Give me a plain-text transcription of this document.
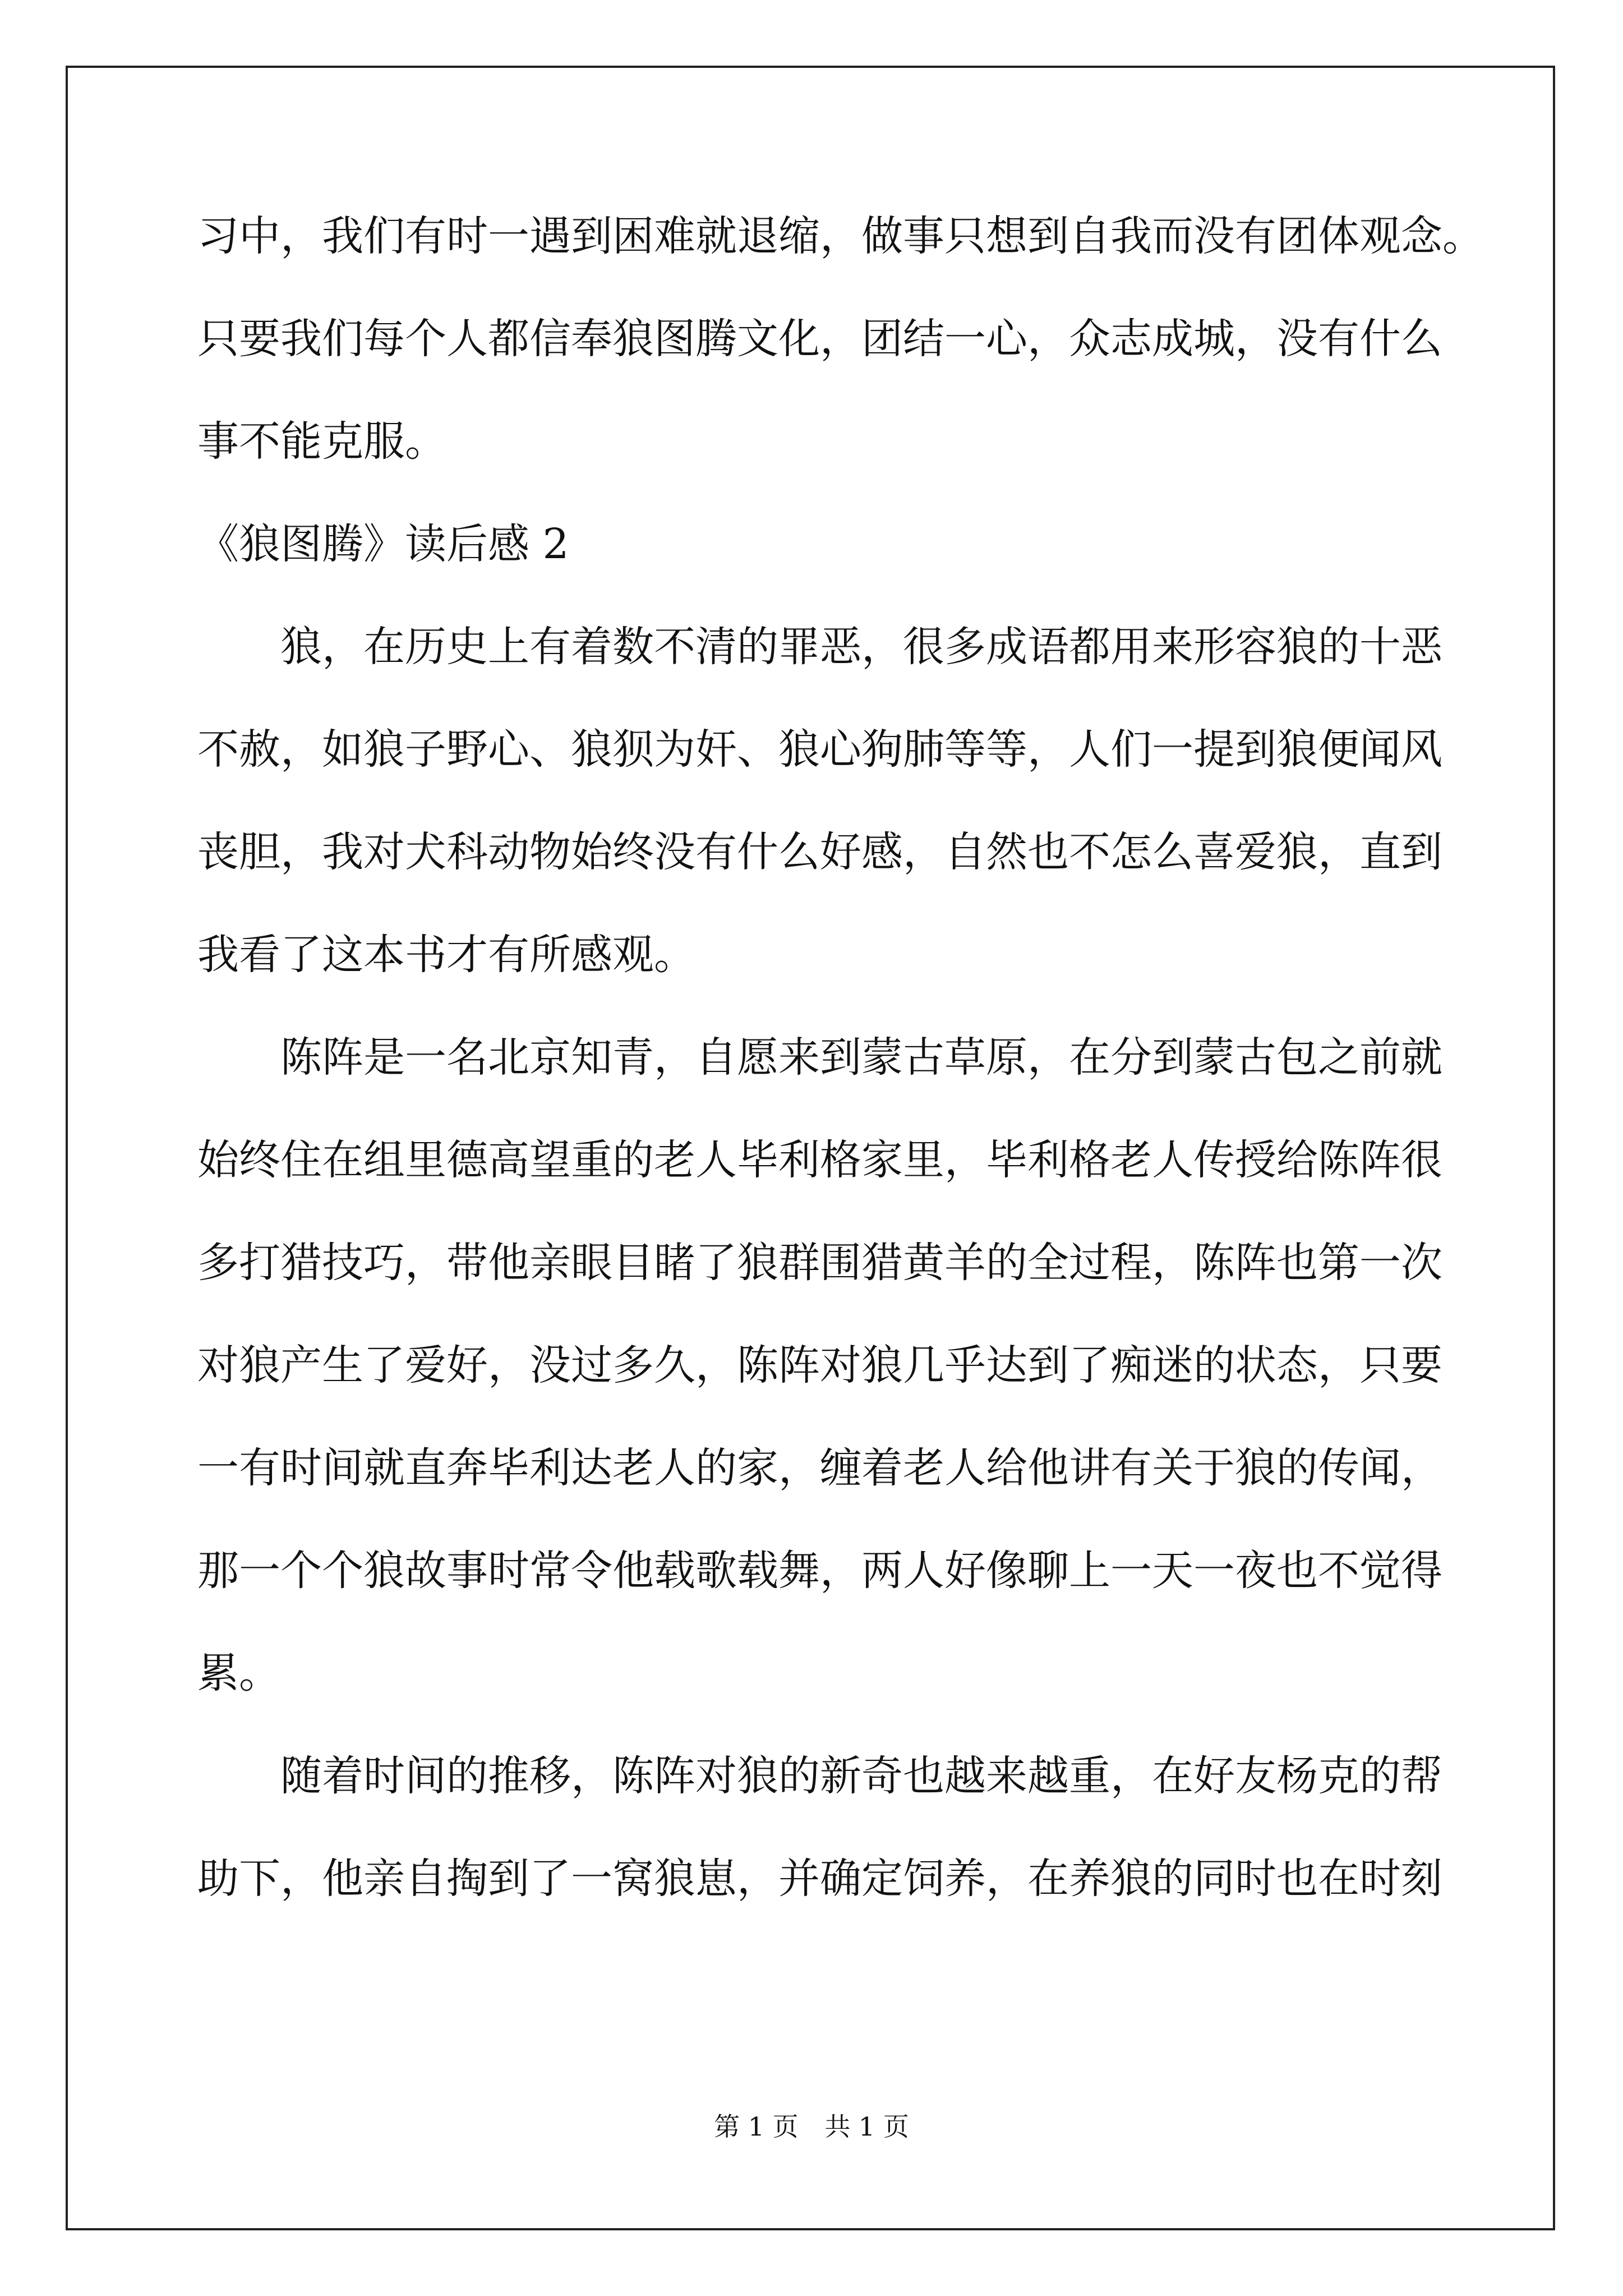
习中，我们有时一遇到困难就退缩，做事只想到自我而没有团体观念。
只要我们每个人都信奉狼图腾文化，团结一心，众志成城，没有什么
事不能克服。

《狼图腾》读后感 2

狼，在历史上有着数不清的罪恶，很多成语都用来形容狼的十恶
不赦，如狼子野心、狼狈为奸、狼心狗肺等等，人们一提到狼便闻风
丧胆，我对犬科动物始终没有什么好感，自然也不怎么喜爱狼，直到
我看了这本书才有所感观。

陈阵是一名北京知青，自愿来到蒙古草原，在分到蒙古包之前就
始终住在组里德高望重的老人毕利格家里，毕利格老人传授给陈阵很
多打猎技巧，带他亲眼目睹了狼群围猎黄羊的全过程，陈阵也第一次
对狼产生了爱好，没过多久，陈阵对狼几乎达到了痴迷的状态，只要
一有时间就直奔毕利达老人的家，缠着老人给他讲有关于狼的传闻，
那一个个狼故事时常令他载歌载舞，两人好像聊上一天一夜也不觉得
累。

随着时间的推移，陈阵对狼的新奇也越来越重，在好友杨克的帮
助下，他亲自掏到了一窝狼崽，并确定饲养，在养狼的同时也在时刻

第 1 页 共 1 页
